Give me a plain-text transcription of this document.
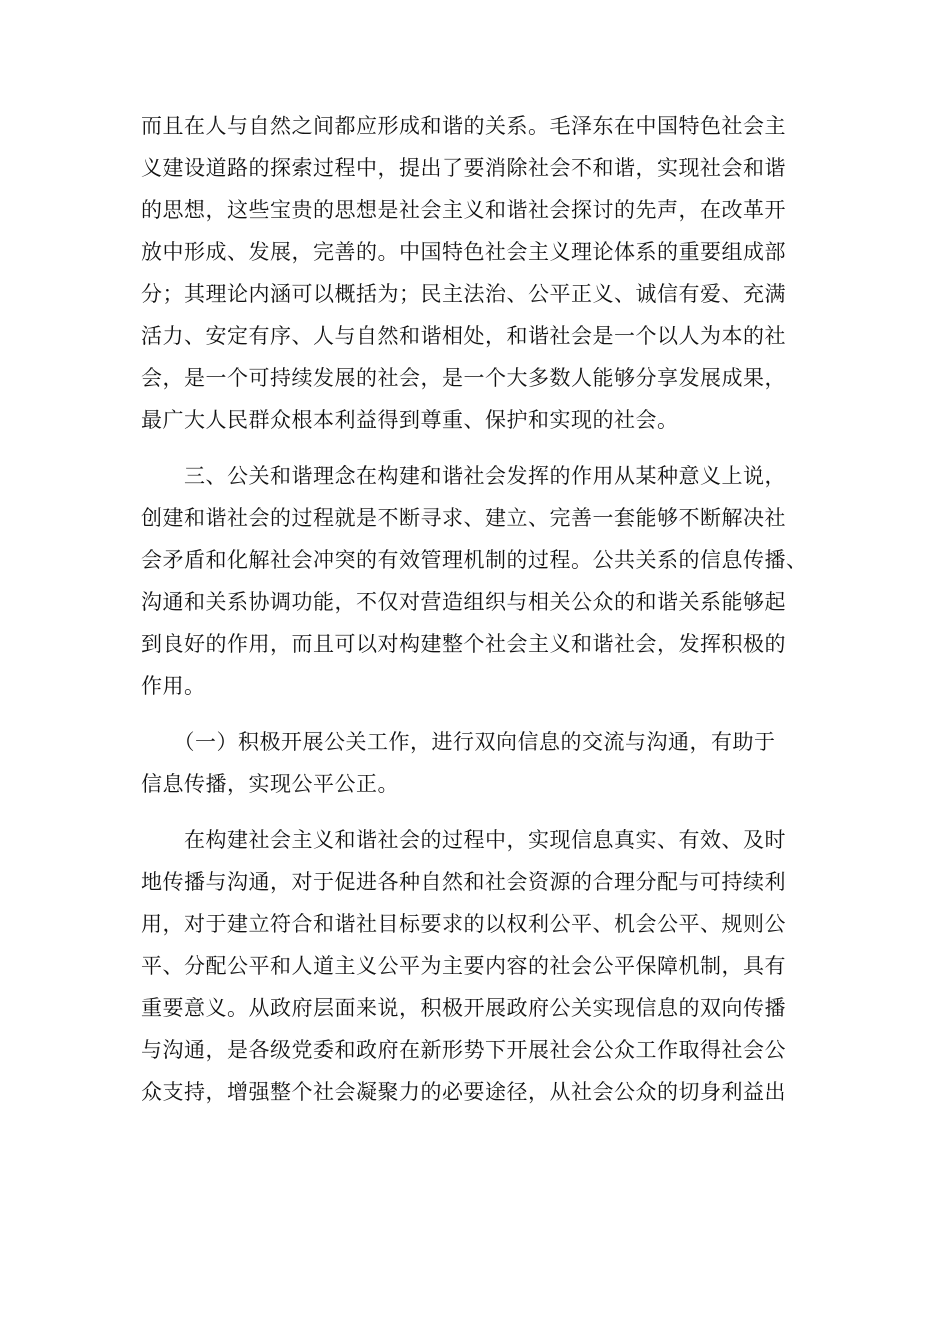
而且在人与自然之间都应形成和谐的关系。毛泽东在中国特色社会主
义建设道路的探索过程中，提出了要消除社会不和谐，实现社会和谐
的思想，这些宝贵的思想是社会主义和谐社会探讨的先声，在改革开
放中形成、发展，完善的。中国特色社会主义理论体系的重要组成部
分；其理论内涵可以概括为；民主法治、公平正义、诚信有爱、充满
活力、安定有序、人与自然和谐相处，和谐社会是一个以人为本的社
会，是一个可持续发展的社会，是一个大多数人能够分享发展成果，
最广大人民群众根本利益得到尊重、保护和实现的社会。
　　三、公关和谐理念在构建和谐社会发挥的作用从某种意义上说，
创建和谐社会的过程就是不断寻求、建立、完善一套能够不断解决社
会矛盾和化解社会冲突的有效管理机制的过程。公共关系的信息传播、
沟通和关系协调功能，不仅对营造组织与相关公众的和谐关系能够起
到良好的作用，而且可以对构建整个社会主义和谐社会，发挥积极的
作用。
　　（一）积极开展公关工作，进行双向信息的交流与沟通，有助于
信息传播，实现公平公正。
　　在构建社会主义和谐社会的过程中，实现信息真实、有效、及时
地传播与沟通，对于促进各种自然和社会资源的合理分配与可持续利
用，对于建立符合和谐社目标要求的以权利公平、机会公平、规则公
平、分配公平和人道主义公平为主要内容的社会公平保障机制，具有
重要意义。从政府层面来说，积极开展政府公关实现信息的双向传播
与沟通，是各级党委和政府在新形势下开展社会公众工作取得社会公
众支持，增强整个社会凝聚力的必要途径，从社会公众的切身利益出
